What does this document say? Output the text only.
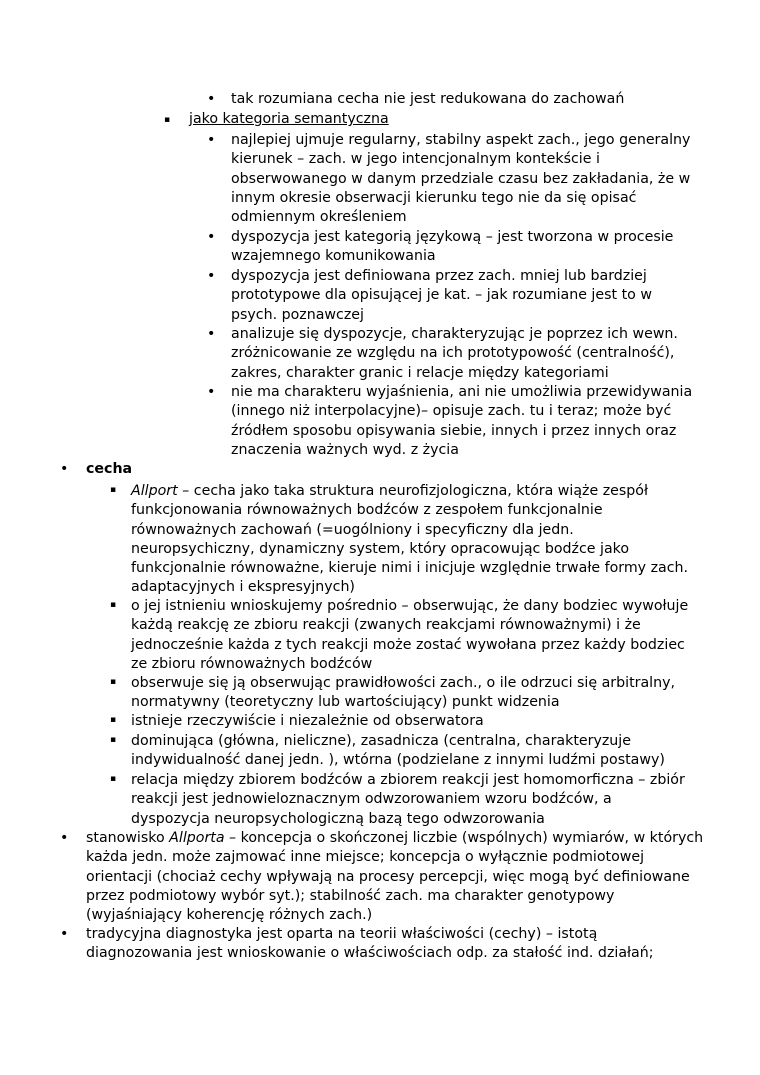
• tak rozumiana cecha nie jest redukowana do zachowań
▪ jako kategoria semantyczna
• najlepiej ujmuje regularny, stabilny aspekt zach., jego generalny kierunek – zach. w jego intencjonalnym kontekście i obserwowanego w danym przedziale czasu bez zakładania, że w innym okresie obserwacji kierunku tego nie da się opisać odmiennym określeniem
• dyspozycja jest kategorią językową – jest tworzona w procesie wzajemnego komunikowania
• dyspozycja jest definiowana przez zach. mniej lub bardziej prototypowe dla opisującej je kat. – jak rozumiane jest to w psych. poznawczej
• analizuje się dyspozycje, charakteryzując je poprzez ich wewn. zróżnicowanie ze względu na ich prototypowość (centralność), zakres, charakter granic i relacje między kategoriami
• nie ma charakteru wyjaśnienia, ani nie umożliwia przewidywania (innego niż interpolacyjne)– opisuje zach. tu i teraz; może być źródłem sposobu opisywania siebie, innych i przez innych oraz znaczenia ważnych wyd. z życia
• cecha
▪ Allport – cecha jako taka struktura neurofizjologiczna, która wiąże zespół funkcjonowania równoważnych bodźców z zespołem funkcjonalnie równoważnych zachowań (=uogólniony i specyficzny dla jedn. neuropsychiczny, dynamiczny system, który opracowując bodźce jako funkcjonalnie równoważne, kieruje nimi i inicjuje względnie trwałe formy zach. adaptacyjnych i ekspresyjnych)
▪ o jej istnieniu wnioskujemy pośrednio – obserwując, że dany bodziec wywołuje każdą reakcję ze zbioru reakcji (zwanych reakcjami równoważnymi) i że jednocześnie każda z tych reakcji może zostać wywołana przez każdy bodziec ze zbioru równoważnych bodźców
▪ obserwuje się ją obserwując prawidłowości zach., o ile odrzuci się arbitralny, normatywny (teoretyczny lub wartościujący) punkt widzenia
▪ istnieje rzeczywiście i niezależnie od obserwatora
▪ dominująca (główna, nieliczne), zasadnicza (centralna, charakteryzuje indywidualność danej jedn. ), wtórna (podzielane z innymi ludźmi postawy)
▪ relacja między zbiorem bodźców a zbiorem reakcji jest homomorficzna – zbiór reakcji jest jednowieloznacznym odwzorowaniem wzoru bodźców, a dyspozycja neuropsychologiczną bazą tego odwzorowania
• stanowisko Allporta – koncepcja o skończonej liczbie (wspólnych) wymiarów, w których każda jedn. może zajmować inne miejsce; koncepcja o wyłącznie podmiotowej orientacji (chociaż cechy wpływają na procesy percepcji, więc mogą być definiowane przez podmiotowy wybór syt.); stabilność zach. ma charakter genotypowy (wyjaśniający koherencję różnych zach.)
• tradycyjna diagnostyka jest oparta na teorii właściwości (cechy) – istotą diagnozowania jest wnioskowanie o właściwościach odp. za stałość ind. działań;
